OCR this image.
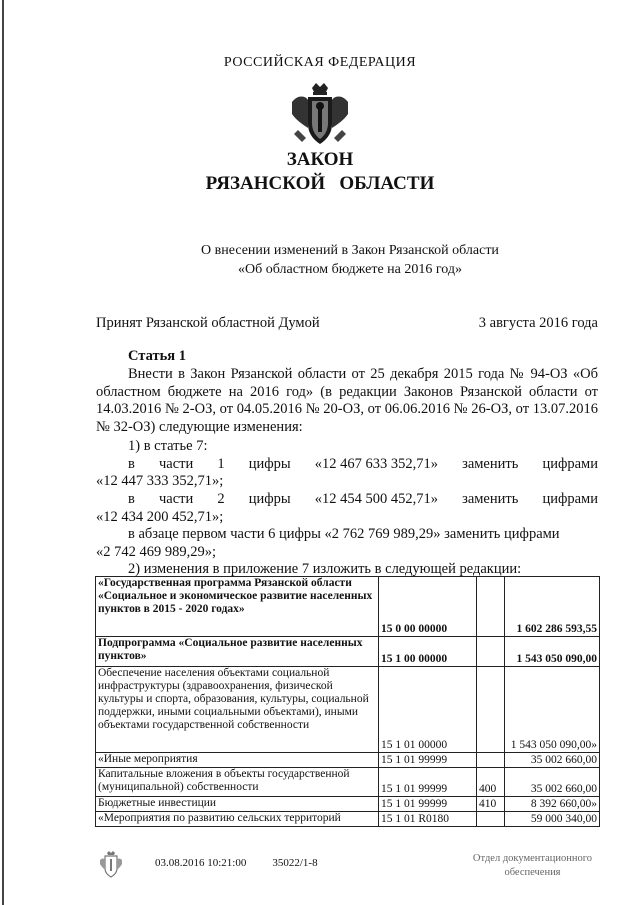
РОССИЙСКАЯ ФЕДЕРАЦИЯ
ЗАКОН
РЯЗАНСКОЙ   ОБЛАСТИ
О внесении изменений в Закон Рязанской области
«Об областном бюджете на 2016 год»
Принят Рязанской областной Думой	3 августа 2016 года
Статья 1
Внести в Закон Рязанской области от 25 декабря 2015 года № 94-ОЗ «Об областном бюджете на 2016 год» (в редакции Законов Рязанской области от 14.03.2016 № 2-ОЗ, от 04.05.2016 № 20-ОЗ, от 06.06.2016 № 26-ОЗ, от 13.07.2016 № 32-ОЗ) следующие изменения:
1) в статье 7:
в части 1 цифры «12 467 633 352,71» заменить цифрами
«12 447 333 352,71»;
в части 2 цифры «12 454 500 452,71» заменить цифрами
«12 434 200 452,71»;
в абзаце первом части 6 цифры «2 762 769 989,29» заменить цифрами
«2 742 469 989,29»;
2) изменения в приложение 7 изложить в следующей редакции:
«Государственная программа Рязанской области «Социальное и экономическое развитие населенных пунктов в 2015 - 2020 годах»	15 0 00 00000		1 602 286 593,55
Подпрограмма «Социальное развитие населенных пунктов»	15 1 00 00000		1 543 050 090,00
Обеспечение населения объектами социальной инфраструктуры (здравоохранения, физической культуры и спорта, образования, культуры, социальной поддержки, иными социальными объектами), иными объектами государственной собственности	15 1 01 00000		1 543 050 090,00»
«Иные мероприятия	15 1 01 99999		35 002 660,00
Капитальные вложения в объекты государственной (муниципальной) собственности	15 1 01 99999	400	35 002 660,00
Бюджетные инвестиции	15 1 01 99999	410	8 392 660,00»
«Мероприятия по развитию сельских территорий	15 1 01 R0180		59 000 340,00
03.08.2016 10:21:00 35022/1-8	Отдел документационного
обеспечения
